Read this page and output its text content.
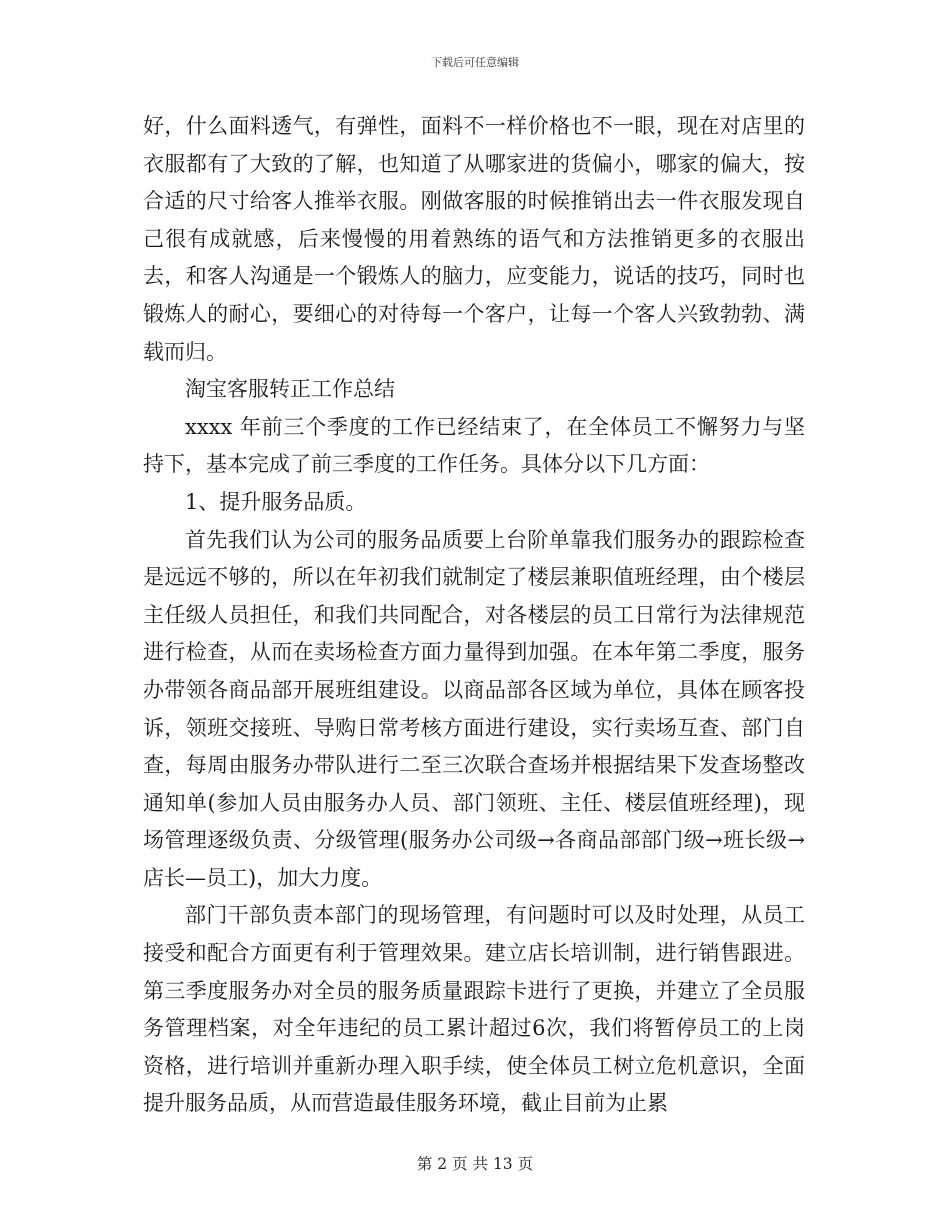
下载后可任意编辑

好，什么面料透气，有弹性，面料不一样价格也不一眼，现在对店里的衣服都有了大致的了解，也知道了从哪家进的货偏小，哪家的偏大，按合适的尺寸给客人推举衣服。刚做客服的时候推销出去一件衣服发现自己很有成就感，后来慢慢的用着熟练的语气和方法推销更多的衣服出去，和客人沟通是一个锻炼人的脑力，应变能力，说话的技巧，同时也锻炼人的耐心，要细心的对待每一个客户，让每一个客人兴致勃勃、满载而归。

淘宝客服转正工作总结

xxxx 年前三个季度的工作已经结束了，在全体员工不懈努力与坚持下，基本完成了前三季度的工作任务。具体分以下几方面：

1、提升服务品质。

首先我们认为公司的服务品质要上台阶单靠我们服务办的跟踪检查是远远不够的，所以在年初我们就制定了楼层兼职值班经理，由个楼层主任级人员担任，和我们共同配合，对各楼层的员工日常行为法律规范进行检查，从而在卖场检查方面力量得到加强。在本年第二季度，服务办带领各商品部开展班组建设。以商品部各区域为单位，具体在顾客投诉，领班交接班、导购日常考核方面进行建设，实行卖场互查、部门自查，每周由服务办带队进行二至三次联合查场并根据结果下发查场整改通知单(参加人员由服务办人员、部门领班、主任、楼层值班经理)，现场管理逐级负责、分级管理(服务办公司级→各商品部部门级→班长级→店长—员工)，加大力度。

部门干部负责本部门的现场管理，有问题时可以及时处理，从员工接受和配合方面更有利于管理效果。建立店长培训制，进行销售跟进。第三季度服务办对全员的服务质量跟踪卡进行了更换，并建立了全员服务管理档案，对全年违纪的员工累计超过6次，我们将暂停员工的上岗资格，进行培训并重新办理入职手续，使全体员工树立危机意识，全面提升服务品质，从而营造最佳服务环境，截止目前为止累

第 2 页 共 13 页
